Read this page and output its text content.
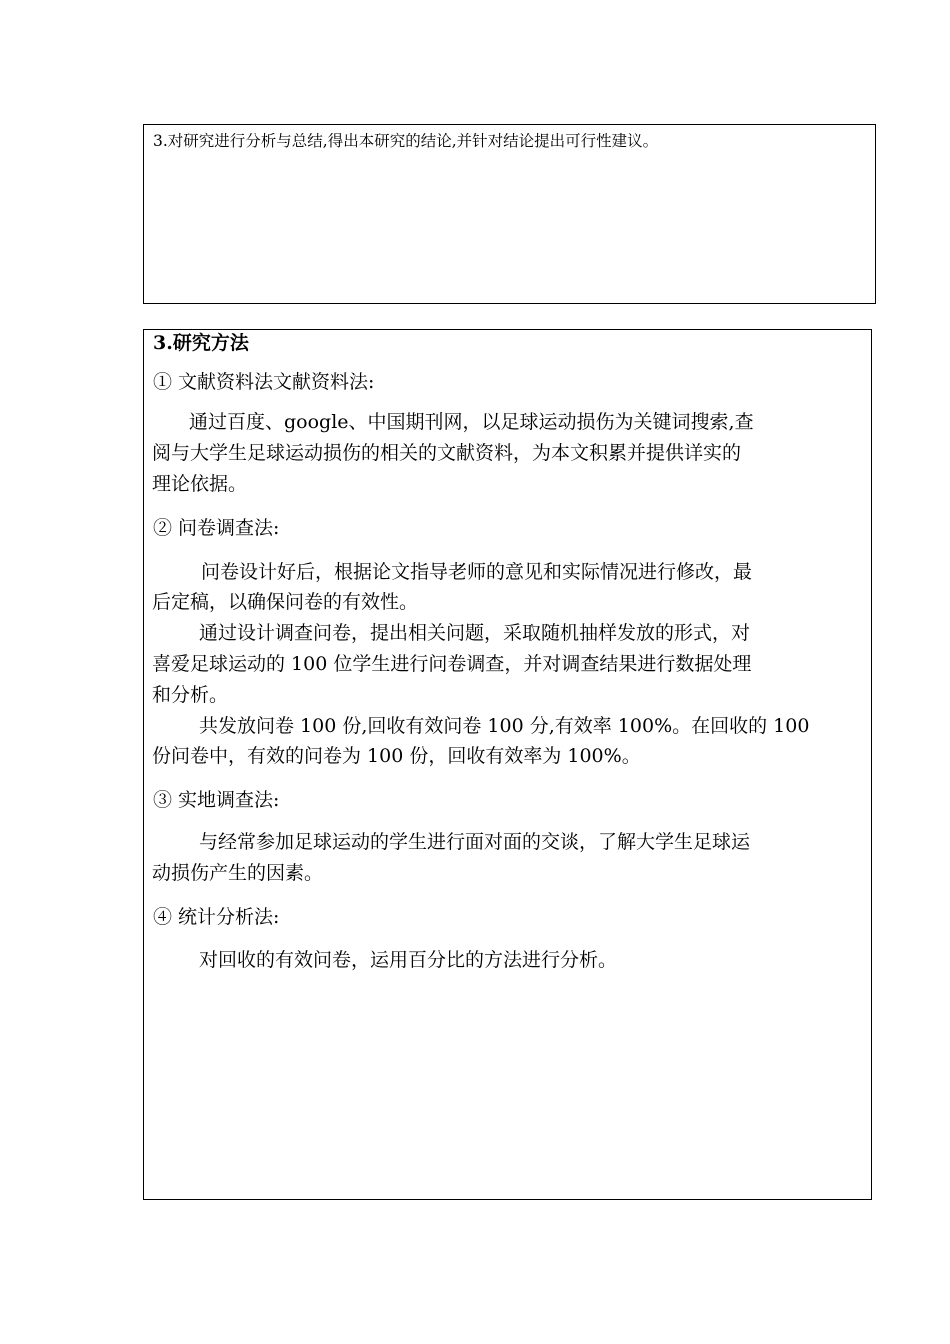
3.对研究进行分析与总结,得出本研究的结论,并针对结论提出可行性建议。
3.研究方法
① 文献资料法文献资料法:
通过百度、google、中国期刊网，以足球运动损伤为关键词搜索,查
阅与大学生足球运动损伤的相关的文献资料，为本文积累并提供详实的
理论依据。
② 问卷调查法:
问卷设计好后，根据论文指导老师的意见和实际情况进行修改，最
后定稿，以确保问卷的有效性。
通过设计调查问卷，提出相关问题，采取随机抽样发放的形式，对
喜爱足球运动的 100 位学生进行问卷调查，并对调查结果进行数据处理
和分析。
共发放问卷 100 份,回收有效问卷 100 分,有效率 100%。在回收的 100
份问卷中，有效的问卷为 100 份，回收有效率为 100%。
③ 实地调查法:
与经常参加足球运动的学生进行面对面的交谈，了解大学生足球运
动损伤产生的因素。
④ 统计分析法:
对回收的有效问卷，运用百分比的方法进行分析。
